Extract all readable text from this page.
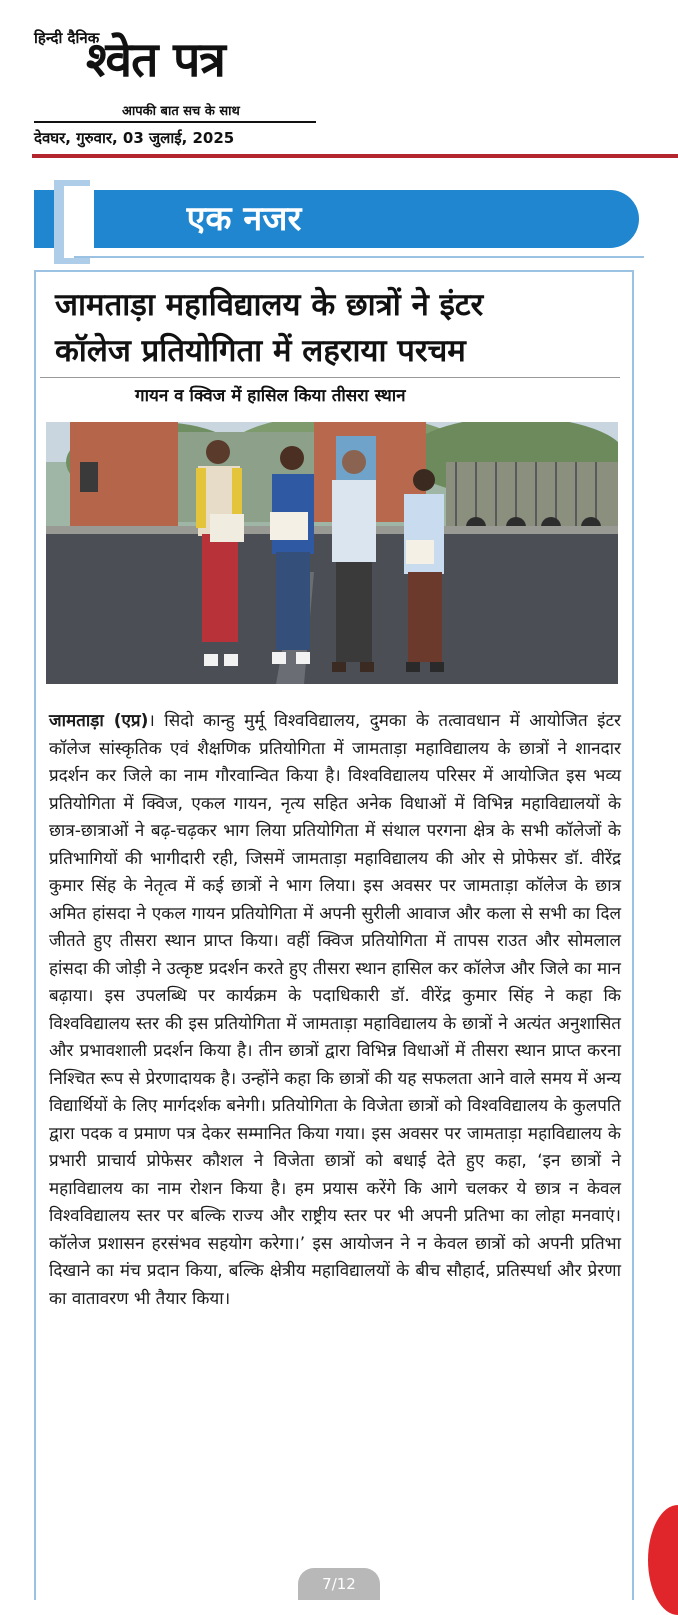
हिन्दी दैनिक
श्वेत पत्र
आपकी बात सच के साथ
देवघर, गुरुवार, 03 जुलाई, 2025
एक नजर
जामताड़ा महाविद्यालय के छात्रों ने इंटर
कॉलेज प्रतियोगिता में लहराया परचम
गायन व क्विज में हासिल किया तीसरा स्थान
जामताड़ा (एप्र)। सिदो कान्हु मुर्मू विश्वविद्यालय, दुमका के तत्वावधान में आयोजित इंटर कॉलेज सांस्कृतिक एवं शैक्षणिक प्रतियोगिता में जामताड़ा महाविद्यालय के छात्रों ने शानदार प्रदर्शन कर जिले का नाम गौरवान्वित किया है। विश्वविद्यालय परिसर में आयोजित इस भव्य प्रतियोगिता में क्विज, एकल गायन, नृत्य सहित अनेक विधाओं में विभिन्न महाविद्यालयों के छात्र-छात्राओं ने बढ़-चढ़कर भाग लिया प्रतियोगिता में संथाल परगना क्षेत्र के सभी कॉलेजों के प्रतिभागियों की भागीदारी रही, जिसमें जामताड़ा महाविद्यालय की ओर से प्रोफेसर डॉ. वीरेंद्र कुमार सिंह के नेतृत्व में कई छात्रों ने भाग लिया। इस अवसर पर जामताड़ा कॉलेज के छात्र अमित हांसदा ने एकल गायन प्रतियोगिता में अपनी सुरीली आवाज और कला से सभी का दिल जीतते हुए तीसरा स्थान प्राप्त किया। वहीं क्विज प्रतियोगिता में तापस राउत और सोमलाल हांसदा की जोड़ी ने उत्कृष्ट प्रदर्शन करते हुए तीसरा स्थान हासिल कर कॉलेज और जिले का मान बढ़ाया। इस उपलब्धि पर कार्यक्रम के पदाधिकारी डॉ. वीरेंद्र कुमार सिंह ने कहा कि विश्वविद्यालय स्तर की इस प्रतियोगिता में जामताड़ा महाविद्यालय के छात्रों ने अत्यंत अनुशासित और प्रभावशाली प्रदर्शन किया है। तीन छात्रों द्वारा विभिन्न विधाओं में तीसरा स्थान प्राप्त करना निश्चित रूप से प्रेरणादायक है। उन्होंने कहा कि छात्रों की यह सफलता आने वाले समय में अन्य विद्यार्थियों के लिए मार्गदर्शक बनेगी। प्रतियोगिता के विजेता छात्रों को विश्वविद्यालय के कुलपति द्वारा पदक व प्रमाण पत्र देकर सम्मानित किया गया। इस अवसर पर जामताड़ा महाविद्यालय के प्रभारी प्राचार्य प्रोफेसर कौशल ने विजेता छात्रों को बधाई देते हुए कहा, ‘इन छात्रों ने महाविद्यालय का नाम रोशन किया है। हम प्रयास करेंगे कि आगे चलकर ये छात्र न केवल विश्वविद्यालय स्तर पर बल्कि राज्य और राष्ट्रीय स्तर पर भी अपनी प्रतिभा का लोहा मनवाएं। कॉलेज प्रशासन हरसंभव सहयोग करेगा।’ इस आयोजन ने न केवल छात्रों को अपनी प्रतिभा दिखाने का मंच प्रदान किया, बल्कि क्षेत्रीय महाविद्यालयों के बीच सौहार्द, प्रतिस्पर्धा और प्रेरणा का वातावरण भी तैयार किया।
7/12
